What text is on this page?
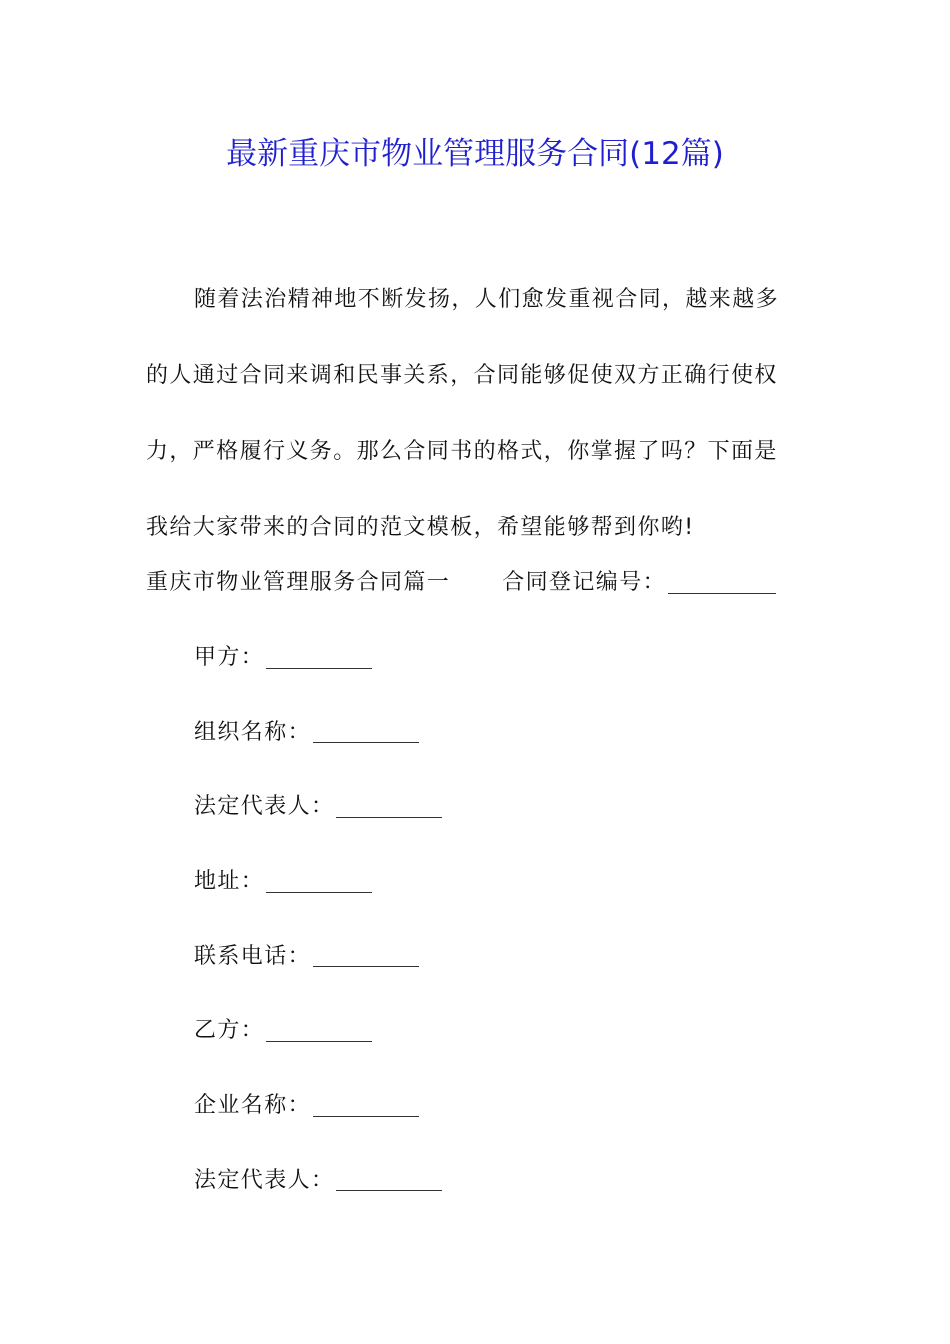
最新重庆市物业管理服务合同(12篇)

随着法治精神地不断发扬，人们愈发重视合同，越来越多

的人通过合同来调和民事关系，合同能够促使双方正确行使权

力，严格履行义务。那么合同书的格式，你掌握了吗？下面是

我给大家带来的合同的范文模板，希望能够帮到你哟!

重庆市物业管理服务合同篇一 合同登记编号：
甲方：
组织名称：
法定代表人：
地址：
联系电话：
乙方：
企业名称：
法定代表人：
